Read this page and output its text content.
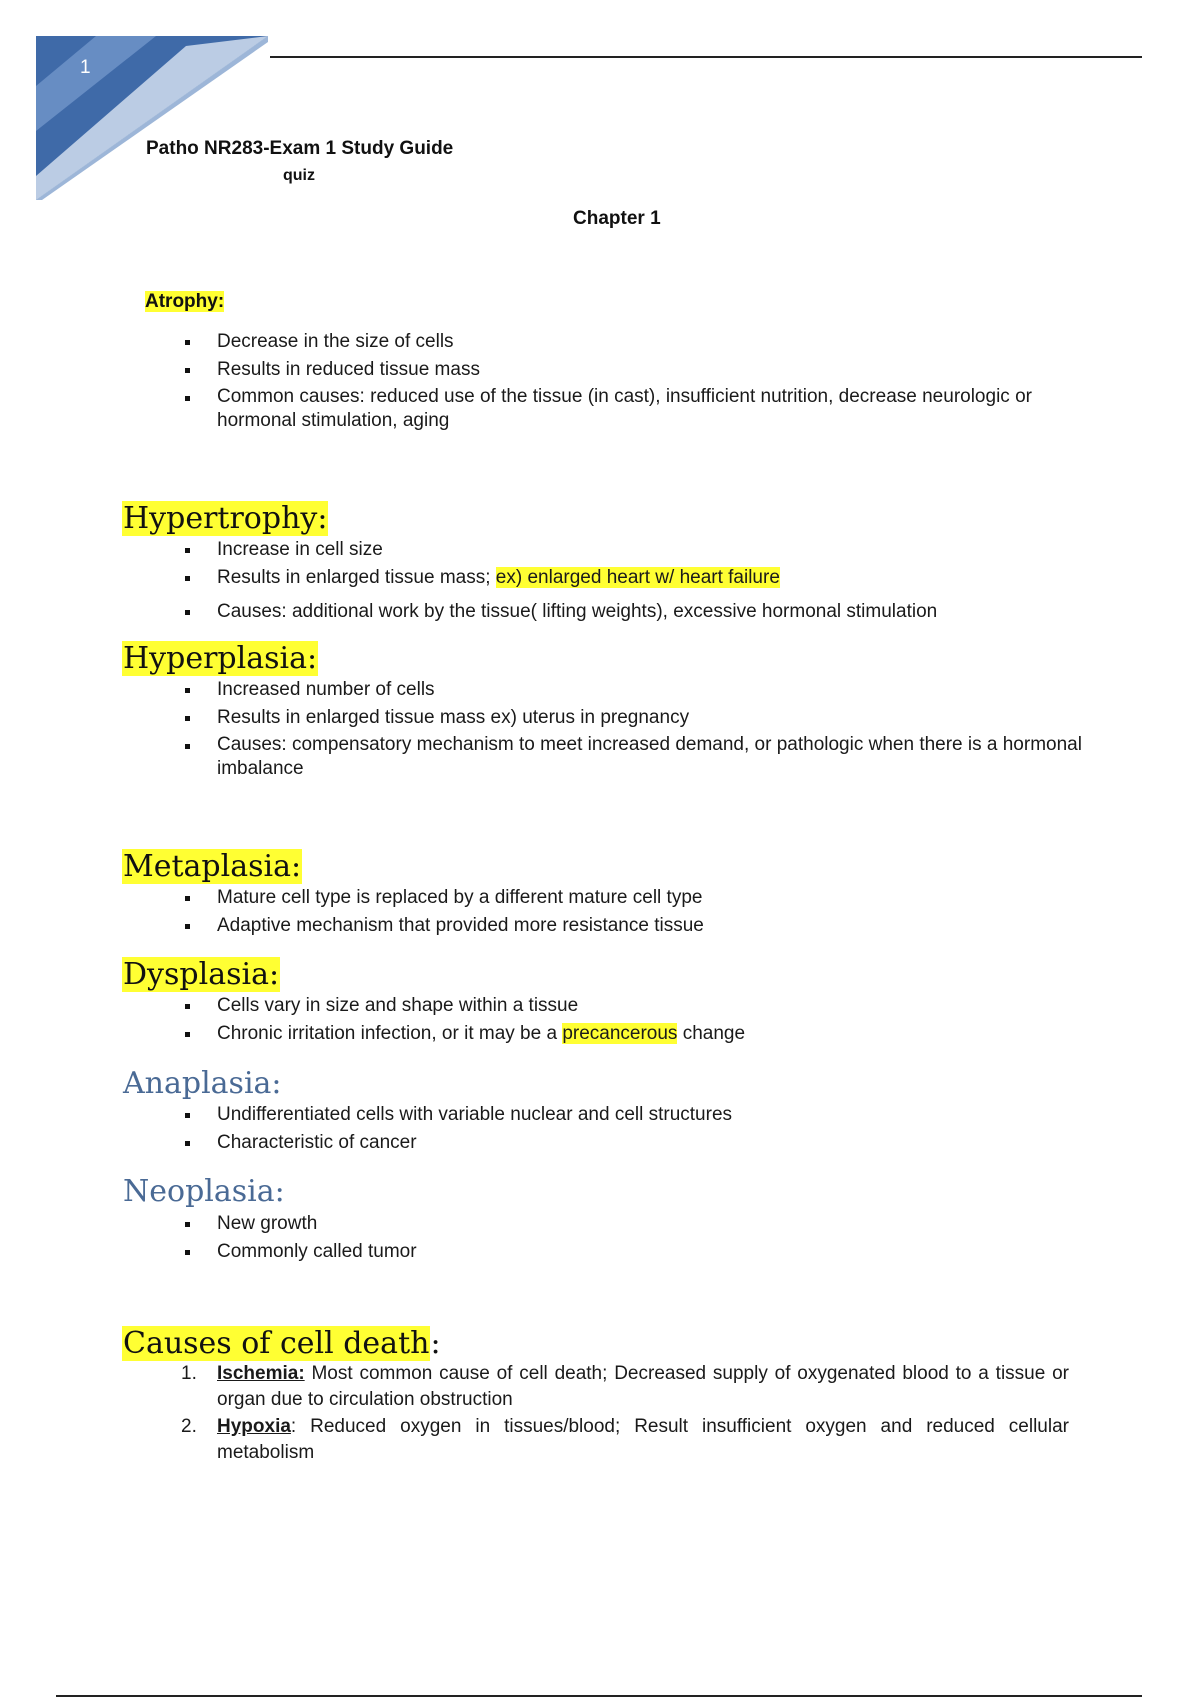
1
Patho NR283-Exam 1 Study Guide
quiz
Chapter 1
Atrophy:
Decrease in the size of cells
Results in reduced tissue mass
Common causes: reduced use of the tissue (in cast), insufficient nutrition, decrease neurologic or hormonal stimulation, aging
Hypertrophy:
Increase in cell size
Results in enlarged tissue mass; ex) enlarged heart w/ heart failure
Causes: additional work by the tissue( lifting weights), excessive hormonal stimulation
Hyperplasia:
Increased number of cells
Results in enlarged tissue mass ex) uterus in pregnancy
Causes: compensatory mechanism to meet increased demand, or pathologic when there is a hormonal imbalance
Metaplasia:
Mature cell type is replaced by a different mature cell type
Adaptive mechanism that provided more resistance tissue
Dysplasia:
Cells vary in size and shape within a tissue
Chronic irritation infection, or it may be a precancerous change
Anaplasia:
Undifferentiated cells with variable nuclear and cell structures
Characteristic of cancer
Neoplasia:
New growth
Commonly called tumor
Causes of cell death:
1. Ischemia: Most common cause of cell death; Decreased supply of oxygenated blood to a tissue or organ due to circulation obstruction
2. Hypoxia: Reduced oxygen in tissues/blood; Result insufficient oxygen and reduced cellular metabolism
